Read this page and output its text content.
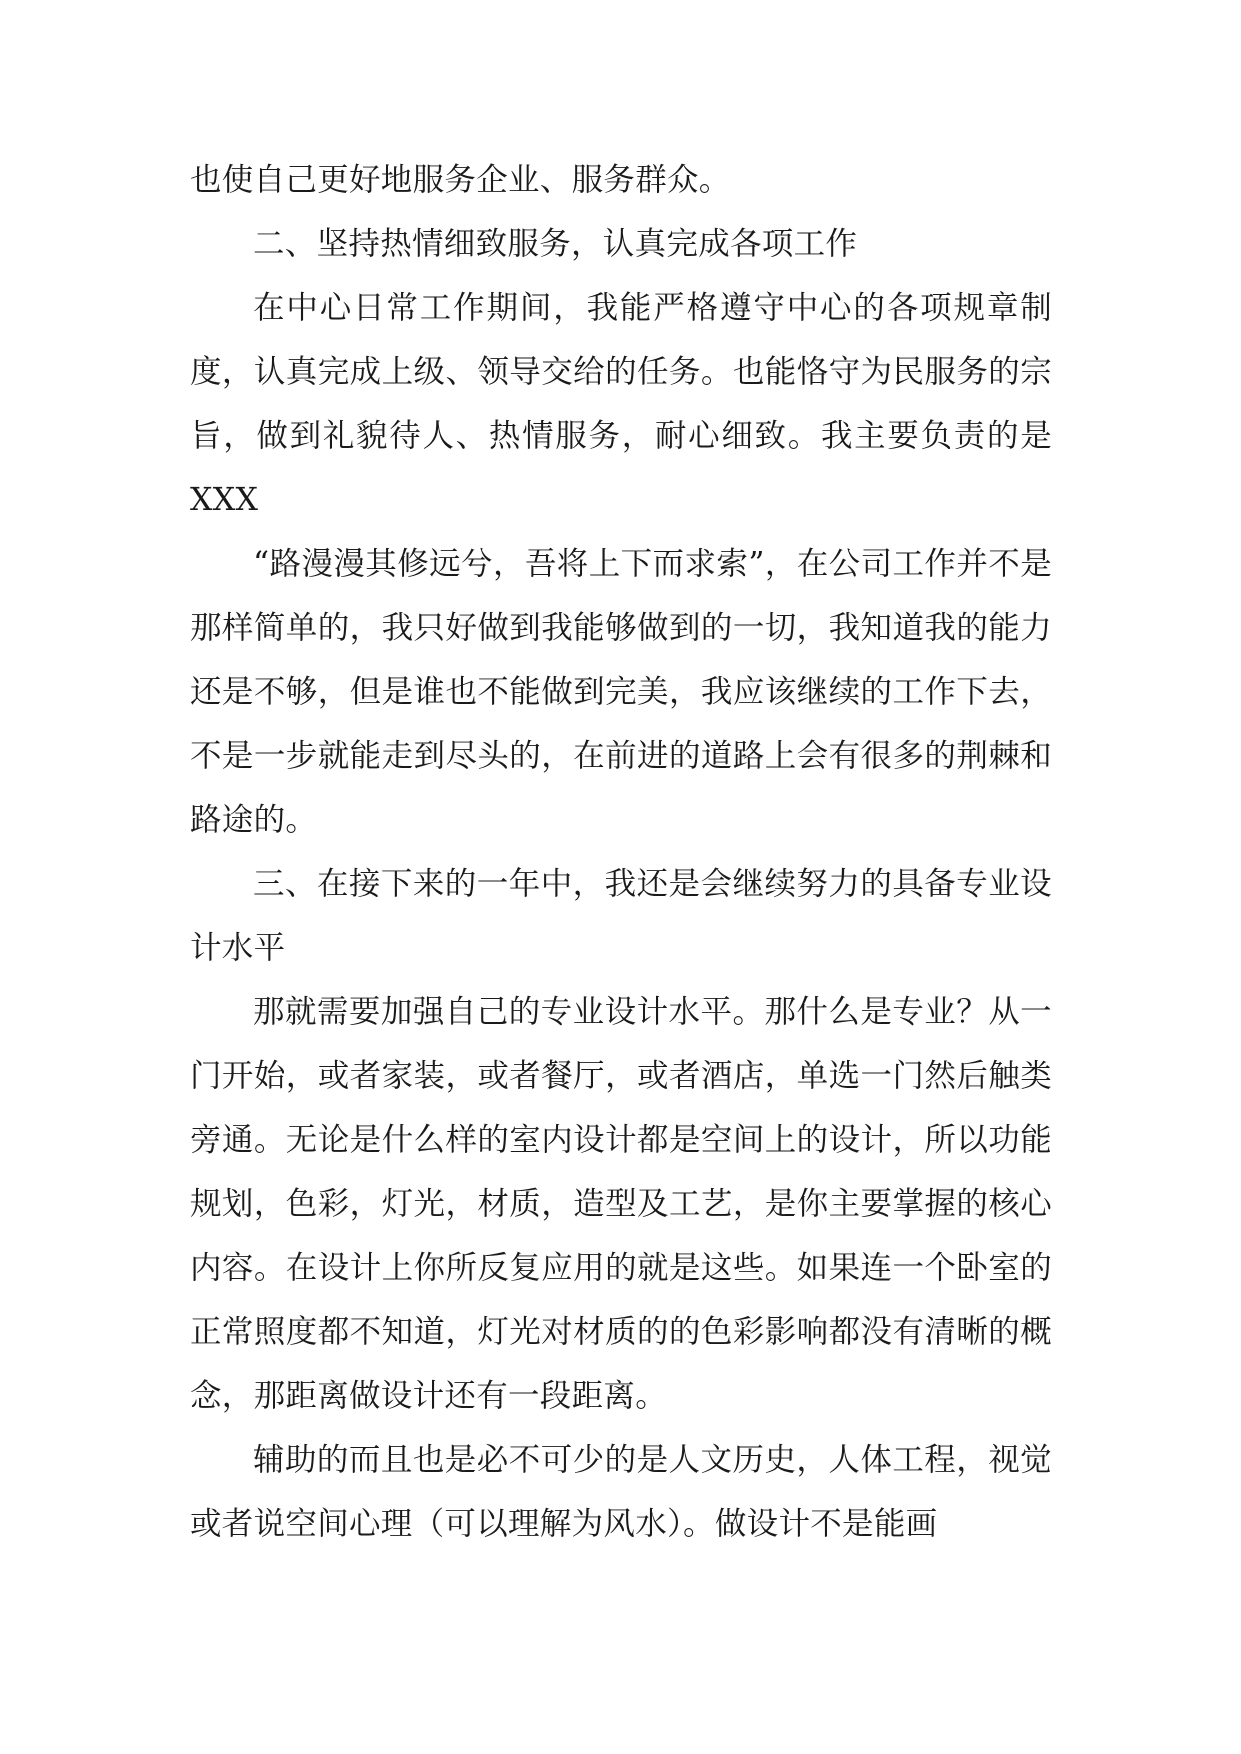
也使自己更好地服务企业、服务群众。

二、坚持热情细致服务，认真完成各项工作

在中心日常工作期间，我能严格遵守中心的各项规章制度，认真完成上级、领导交给的任务。也能恪守为民服务的宗旨，做到礼貌待人、热情服务，耐心细致。我主要负责的是 XXX

“路漫漫其修远兮，吾将上下而求索”，在公司工作并不是那样简单的，我只好做到我能够做到的一切，我知道我的能力还是不够，但是谁也不能做到完美，我应该继续的工作下去，不是一步就能走到尽头的，在前进的道路上会有很多的荆棘和路途的。

三、在接下来的一年中，我还是会继续努力的具备专业设计水平

那就需要加强自己的专业设计水平。那什么是专业？从一门开始，或者家装，或者餐厅，或者酒店，单选一门然后触类旁通。无论是什么样的室内设计都是空间上的设计，所以功能规划，色彩，灯光，材质，造型及工艺，是你主要掌握的核心内容。在设计上你所反复应用的就是这些。如果连一个卧室的正常照度都不知道，灯光对材质的的色彩影响都没有清晰的概念，那距离做设计还有一段距离。

辅助的而且也是必不可少的是人文历史，人体工程，视觉或者说空间心理（可以理解为风水）。做设计不是能画
